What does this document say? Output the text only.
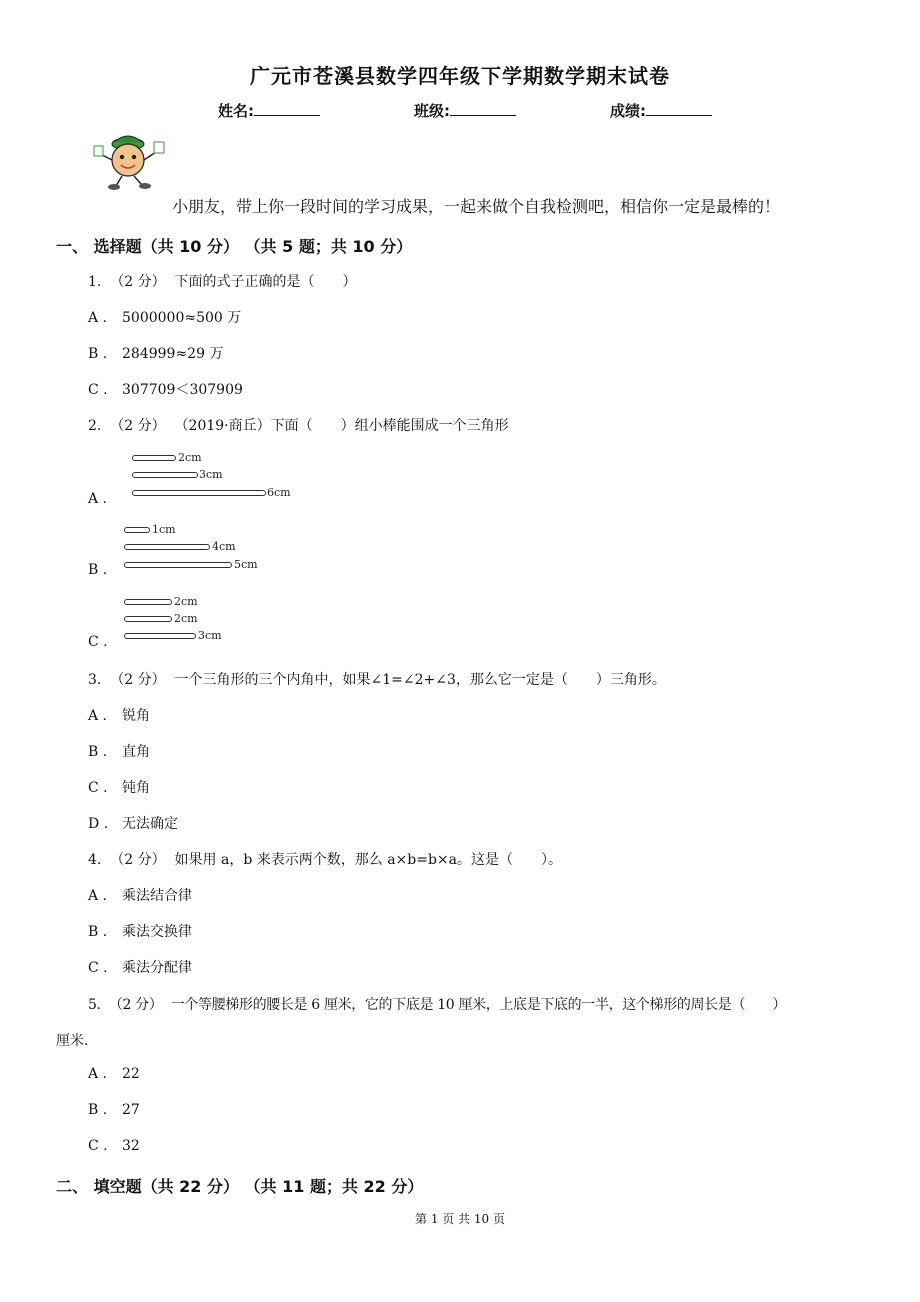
广元市苍溪县数学四年级下学期数学期末试卷
姓名:	班级:	成绩:
小朋友，带上你一段时间的学习成果，一起来做个自我检测吧，相信你一定是最棒的！
一、 选择题（共 10 分） （共 5 题；共 10 分）
1. （2 分） 下面的式子正确的是（　　）
A . 5000000≈500 万
B . 284999≈29 万
C . 307709＜307909
2. （2 分） （2019·商丘）下面（　　）组小棒能围成一个三角形
A .
2cm
3cm
6cm
B .
1cm
4cm
5cm
C .
2cm
2cm
3cm
3. （2 分） 一个三角形的三个内角中，如果∠1=∠2+∠3，那么它一定是（　　）三角形。
A . 锐角
B . 直角
C . 钝角
D . 无法确定
4. （2 分） 如果用 a，b 来表示两个数，那么 a×b=b×a。这是（　　）。
A . 乘法结合律
B . 乘法交换律
C . 乘法分配律
5. （2 分） 一个等腰梯形的腰长是 6 厘米，它的下底是 10 厘米，上底是下底的一半，这个梯形的周长是（　　）
厘米.
A . 22
B . 27
C . 32
二、 填空题（共 22 分） （共 11 题；共 22 分）
第 1 页 共 10 页
